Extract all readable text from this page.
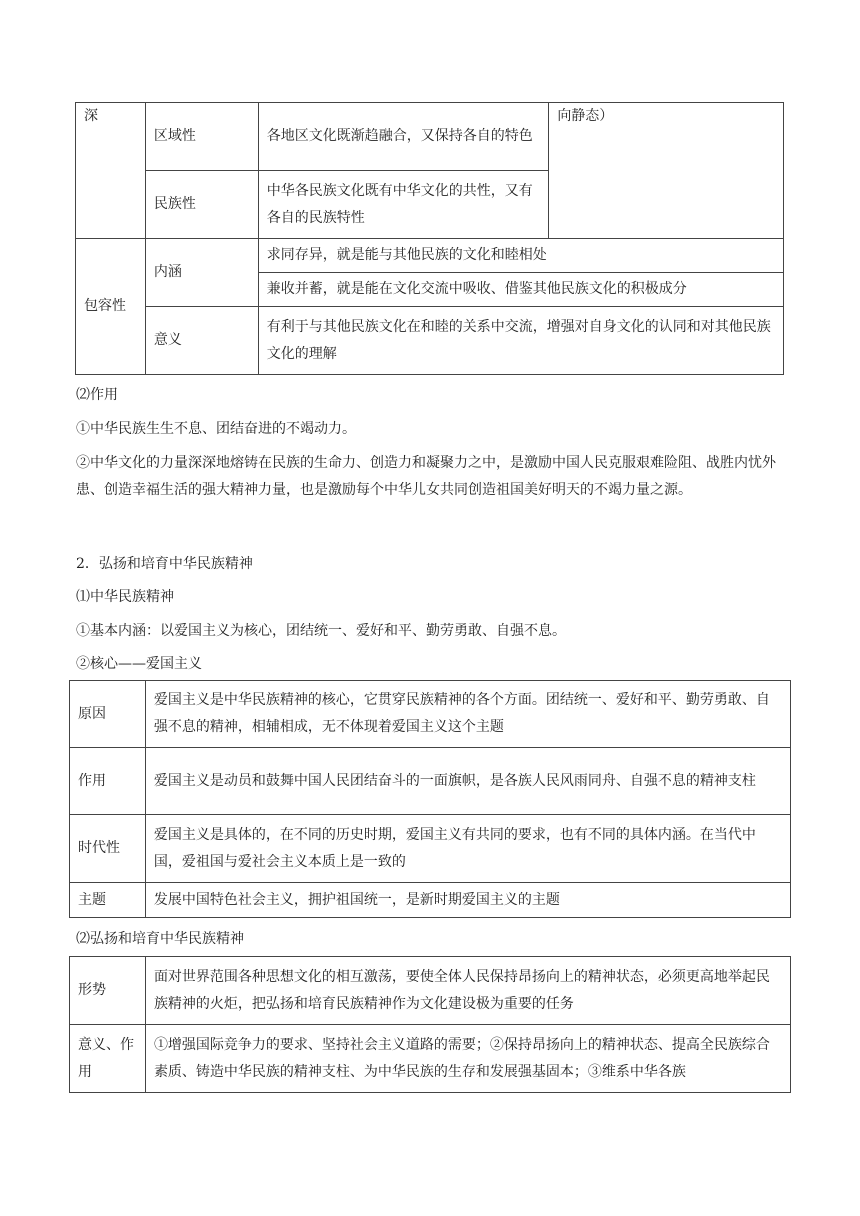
深	区域性	各地区文化既渐趋融合，又保持各自的特色	向静态）
	民族性	中华各民族文化既有中华文化的共性，又有各自的民族特性	
包容性	内涵	求同存异，就是能与其他民族的文化和睦相处	
		兼收并蓄，就是能在文化交流中吸收、借鉴其他民族文化的积极成分	
	意义	有利于与其他民族文化在和睦的关系中交流，增强对自身文化的认同和对其他民族文化的理解	

⑵作用

①中华民族生生不息、团结奋进的不竭动力。

②中华文化的力量深深地熔铸在民族的生命力、创造力和凝聚力之中，是激励中国人民克服艰难险阻、战胜内忧外患、创造幸福生活的强大精神力量，也是激励每个中华儿女共同创造祖国美好明天的不竭力量之源。

2．弘扬和培育中华民族精神

⑴中华民族精神

①基本内涵：以爱国主义为核心，团结统一、爱好和平、勤劳勇敢、自强不息。

②核心——爱国主义

原因	爱国主义是中华民族精神的核心，它贯穿民族精神的各个方面。团结统一、爱好和平、勤劳勇敢、自强不息的精神，相辅相成，无不体现着爱国主义这个主题
作用	爱国主义是动员和鼓舞中国人民团结奋斗的一面旗帜，是各族人民风雨同舟、自强不息的精神支柱
时代性	爱国主义是具体的，在不同的历史时期，爱国主义有共同的要求，也有不同的具体内涵。在当代中国，爱祖国与爱社会主义本质上是一致的
主题	发展中国特色社会主义，拥护祖国统一，是新时期爱国主义的主题

⑵弘扬和培育中华民族精神

形势	面对世界范围各种思想文化的相互激荡，要使全体人民保持昂扬向上的精神状态，必须更高地举起民族精神的火炬，把弘扬和培育民族精神作为文化建设极为重要的任务
意义、作用	①增强国际竞争力的要求、坚持社会主义道路的需要；②保持昂扬向上的精神状态、提高全民族综合素质、铸造中华民族的精神支柱、为中华民族的生存和发展强基固本；③维系中华各族
